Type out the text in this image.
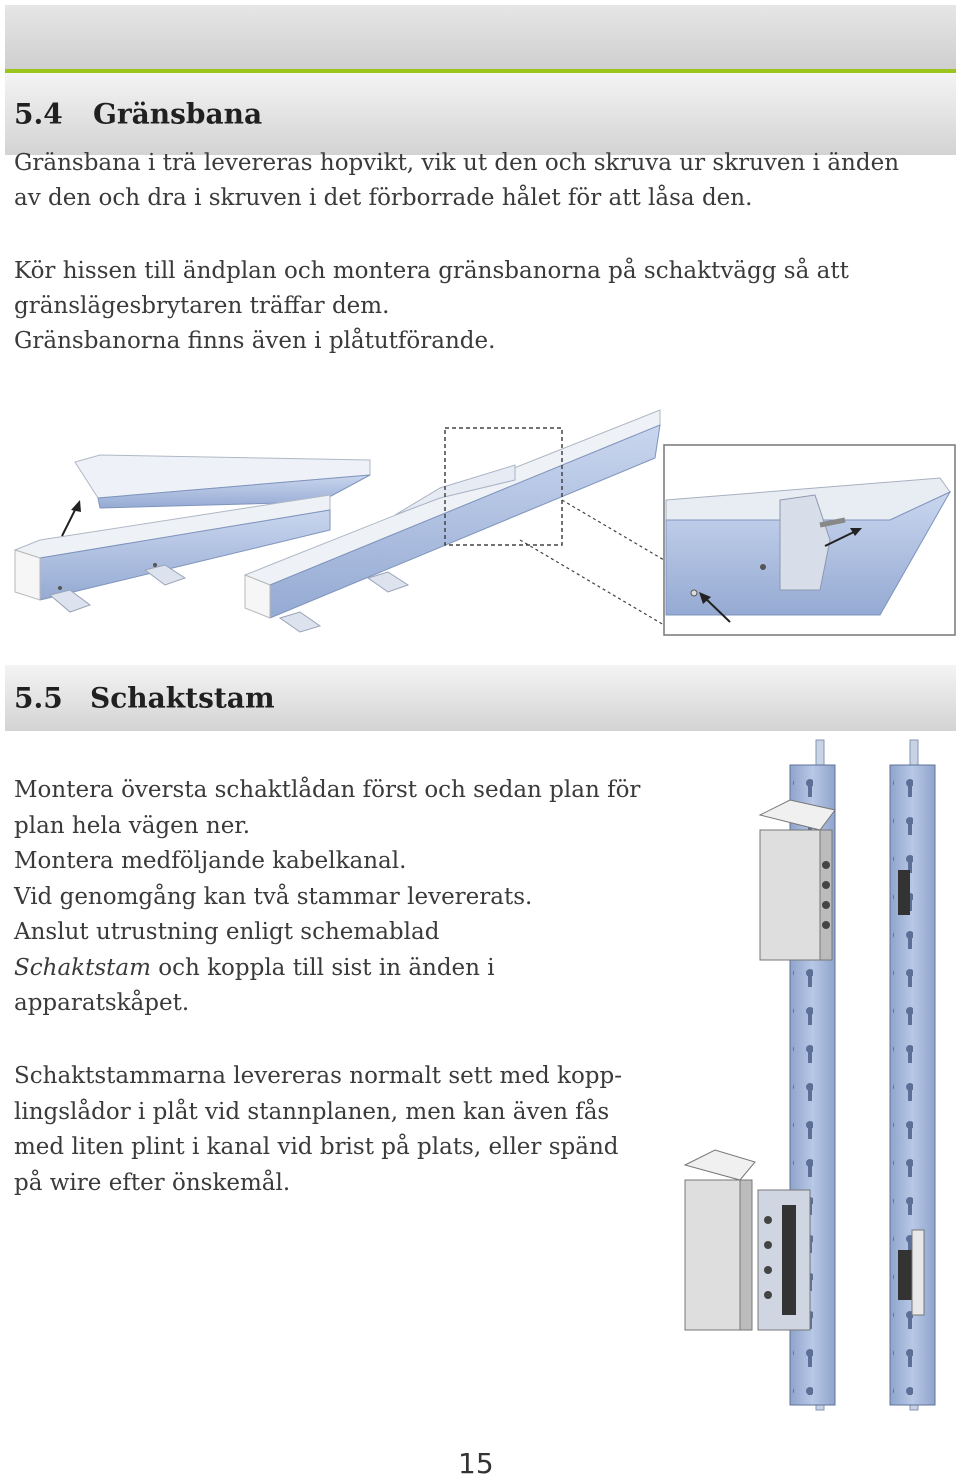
5.4 Gränsbana
Gränsbana i trä levereras hopvikt, vik ut den och skruva ur skruven i änden
av den och dra i skruven i det förborrade hålet för att låsa den.
Kör hissen till ändplan och montera gränsbanorna på schaktvägg så att
gränslägesbrytaren träffar dem.
Gränsbanorna finns även i plåtutförande.
5.5 Schaktstam
Montera översta schaktlådan först och sedan plan för
plan hela vägen ner.
Montera medföljande kabelkanal.
Vid genomgång kan två stammar levererats.
Anslut utrustning enligt schemablad
Schaktstam och koppla till sist in änden i
apparatskåpet.
Schaktstammarna levereras normalt sett med kopp-
lingslådor i plåt vid stannplanen, men kan även fås
med liten plint i kanal vid brist på plats, eller spänd
på wire efter önskemål.
15
